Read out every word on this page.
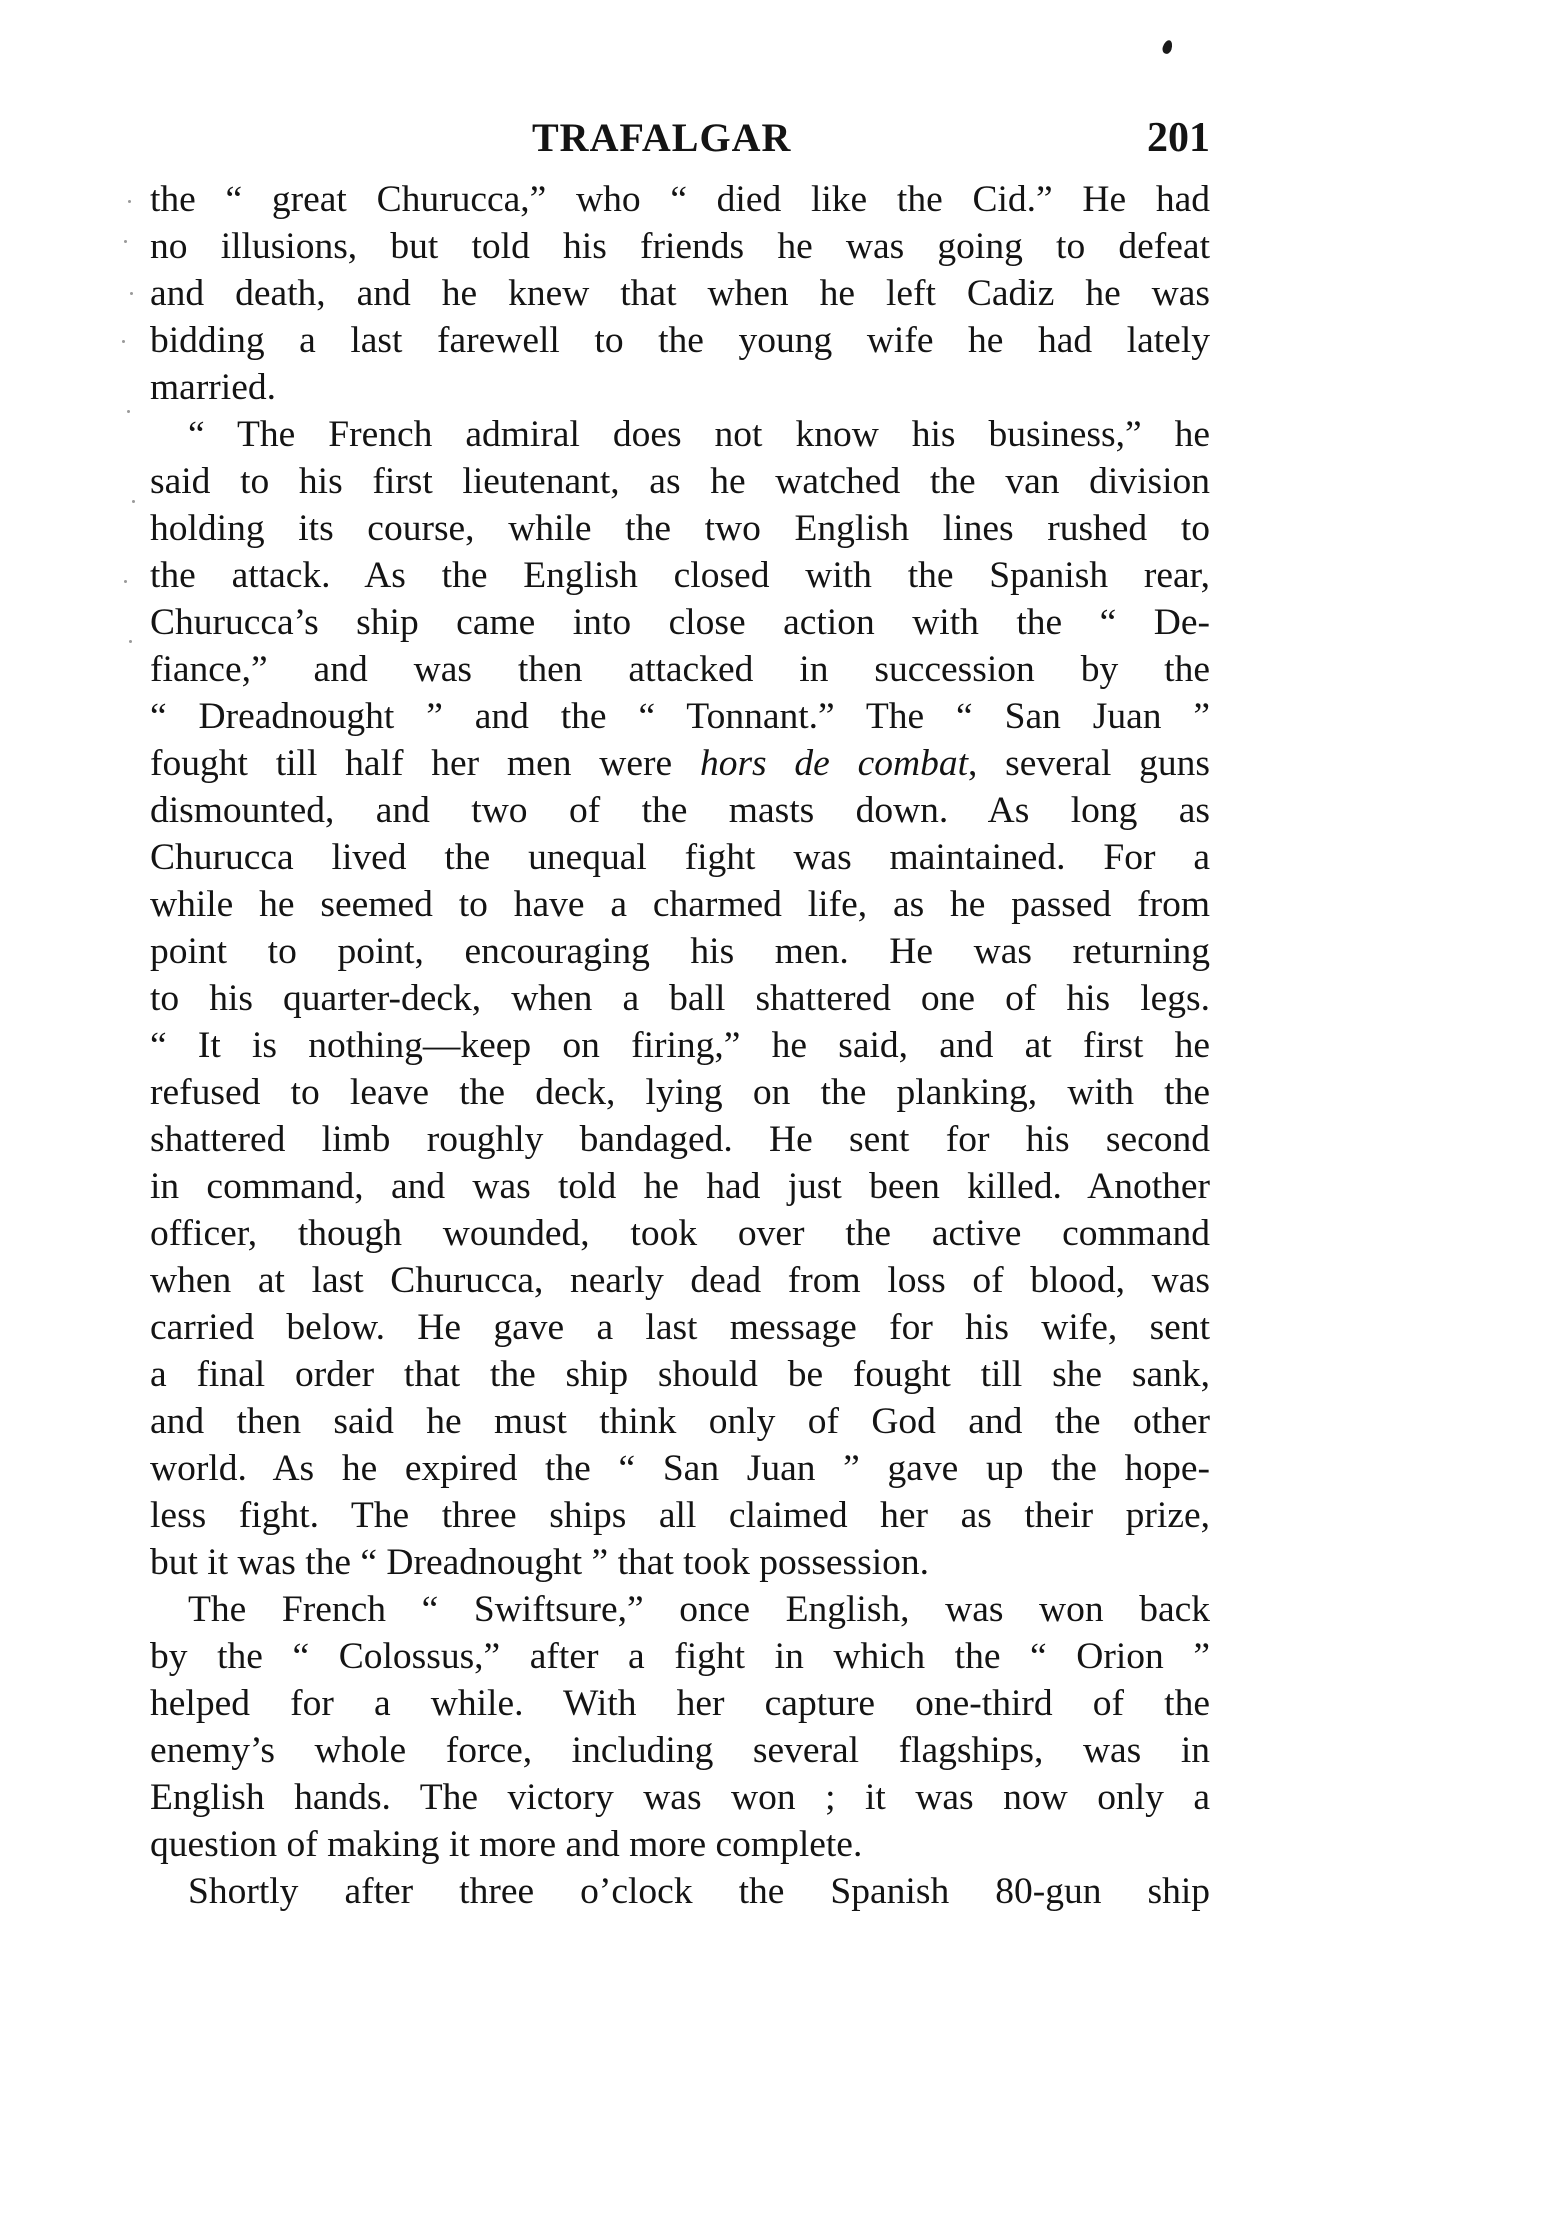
TRAFALGAR	201
the “ great Churucca,” who “ died like the Cid.” He had
no illusions, but told his friends he was going to defeat
and death, and he knew that when he left Cadiz he was
bidding a last farewell to the young wife he had lately
married.
“ The French admiral does not know his business,” he
said to his first lieutenant, as he watched the van division
holding its course, while the two English lines rushed to
the attack. As the English closed with the Spanish rear,
Churucca’s ship came into close action with the “ De-
fiance,” and was then attacked in succession by the
“ Dreadnought ” and the “ Tonnant.” The “ San Juan ”
fought till half her men were hors de combat, several guns
dismounted, and two of the masts down. As long as
Churucca lived the unequal fight was maintained. For a
while he seemed to have a charmed life, as he passed from
point to point, encouraging his men. He was returning
to his quarter-deck, when a ball shattered one of his legs.
“ It is nothing—keep on firing,” he said, and at first he
refused to leave the deck, lying on the planking, with the
shattered limb roughly bandaged. He sent for his second
in command, and was told he had just been killed. Another
officer, though wounded, took over the active command
when at last Churucca, nearly dead from loss of blood, was
carried below. He gave a last message for his wife, sent
a final order that the ship should be fought till she sank,
and then said he must think only of God and the other
world. As he expired the “ San Juan ” gave up the hope-
less fight. The three ships all claimed her as their prize,
but it was the “ Dreadnought ” that took possession.
The French “ Swiftsure,” once English, was won back
by the “ Colossus,” after a fight in which the “ Orion ”
helped for a while. With her capture one-third of the
enemy’s whole force, including several flagships, was in
English hands. The victory was won ; it was now only a
question of making it more and more complete.
Shortly after three o’clock the Spanish 80-gun ship
